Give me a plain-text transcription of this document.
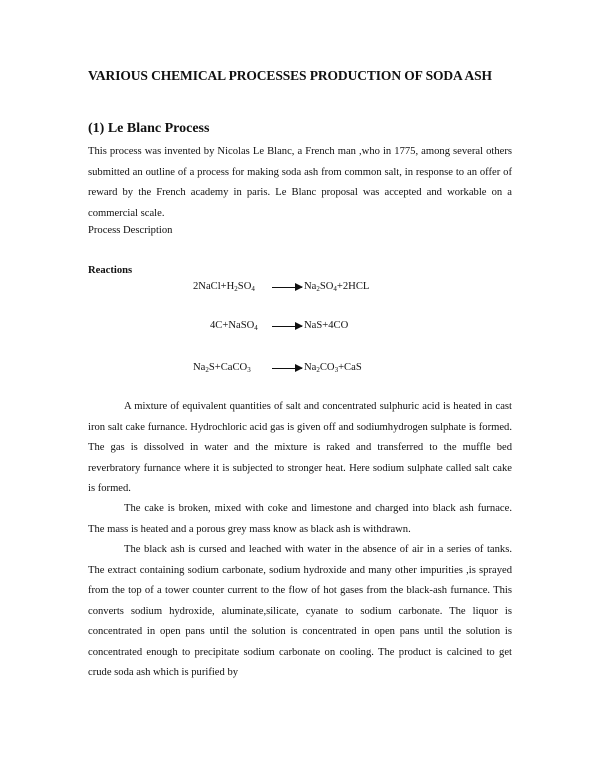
VARIOUS CHEMICAL PROCESSES PRODUCTION OF SODA ASH
(1) Le Blanc Process
This process was invented by Nicolas Le Blanc, a French man ,who in 1775, among several others submitted an outline of a process for making soda ash from common salt, in response to an offer of reward by the French academy in paris. Le Blanc proposal was accepted and workable on a commercial scale.
Process Description
Reactions
$2NaCl+H_2SO_4 \to Na_2SO_4+2HCL$
4C+NaSO$_4$ → NaS+4CO
$Na_2S+CaCO_3 \to Na_2CO_3+CaS$
A mixture of equivalent quantities of salt and concentrated sulphuric acid is heated in cast iron salt cake furnance. Hydrochloric acid gas is given off and sodiumhydrogen sulphate is formed. The gas is dissolved in water and the mixture is raked and transferred to the muffle bed reverbratory furnance where it is subjected to stronger heat. Here sodium sulphate called salt cake is formed.
The cake is broken, mixed with coke and limestone and charged into black ash furnace. The mass is heated and a porous grey mass know as black ash is withdrawn.
The black ash is cursed and leached with water in the absence of air in a series of tanks. The extract containing sodium carbonate, sodium hydroxide and many other impurities ,is sprayed from the top of a tower counter current to the flow of hot gases from the black-ash furnance. This converts sodium hydroxide, aluminate,silicate, cyanate to sodium carbonate. The liquor is concentrated in open pans until the solution is concentrated in open pans until the solution is concentrated enough to precipitate sodium carbonate on cooling. The product is calcined to get crude soda ash which is purified by
